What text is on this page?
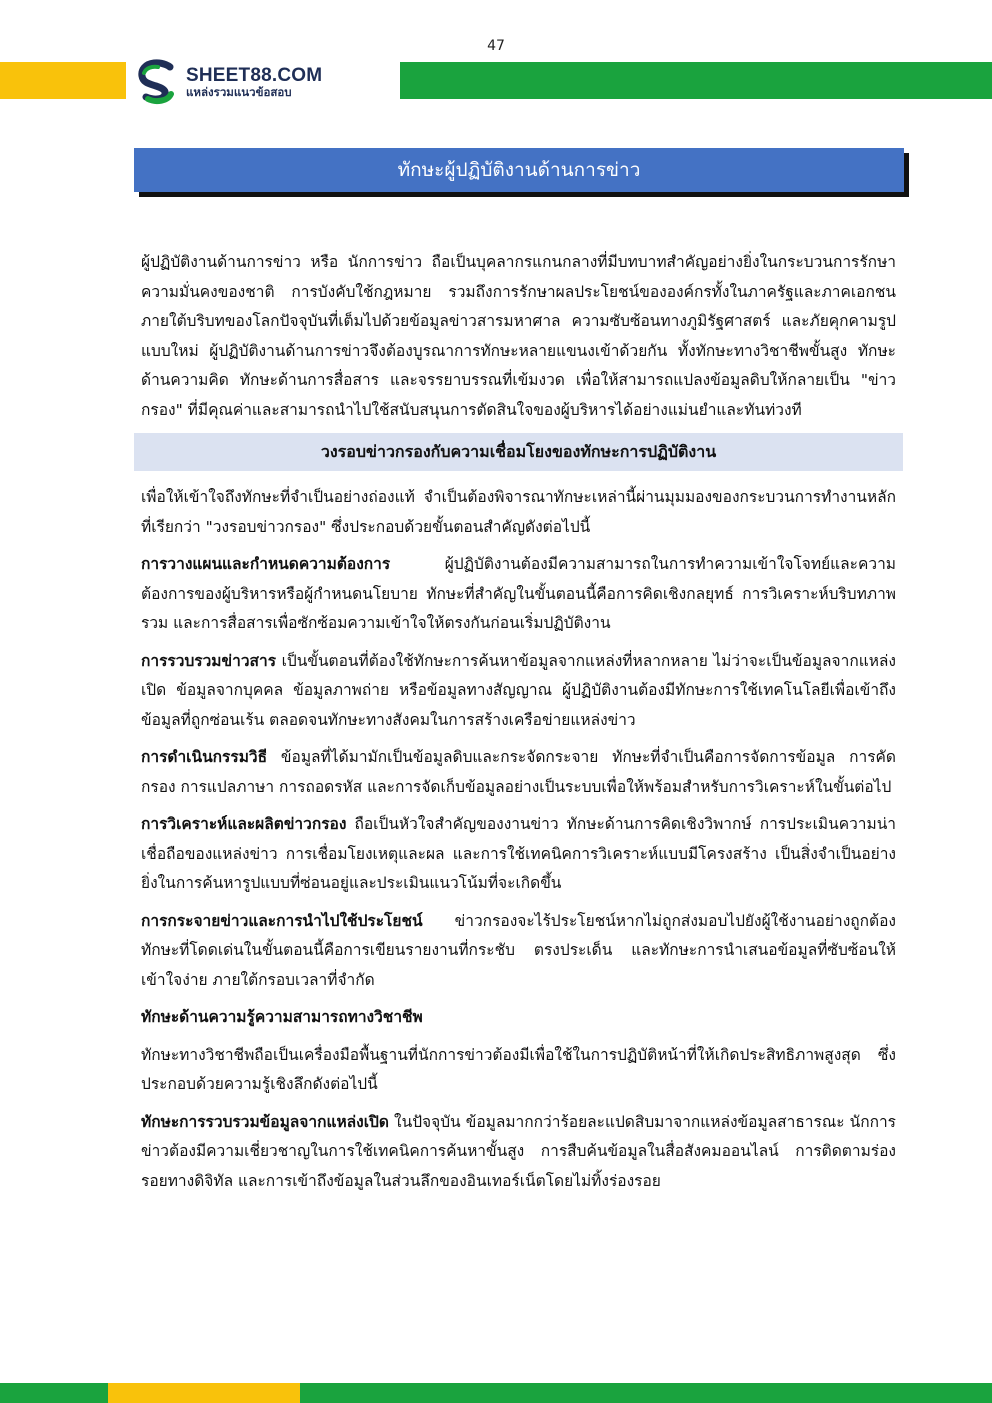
47
SHEET88.COM
แหล่งรวมแนวข้อสอบ
ทักษะผู้ปฏิบัติงานด้านการข่าว

ผู้ปฏิบัติงานด้านการข่าว หรือ นักการข่าว ถือเป็นบุคลากรแกนกลางที่มีบทบาทสำคัญอย่างยิ่งในกระบวนการรักษาความมั่นคงของชาติ การบังคับใช้กฎหมาย รวมถึงการรักษาผลประโยชน์ขององค์กรทั้งในภาครัฐและภาคเอกชน ภายใต้บริบทของโลกปัจจุบันที่เต็มไปด้วยข้อมูลข่าวสารมหาศาล ความซับซ้อนทางภูมิรัฐศาสตร์ และภัยคุกคามรูปแบบใหม่ ผู้ปฏิบัติงานด้านการข่าวจึงต้องบูรณาการทักษะหลายแขนงเข้าด้วยกัน ทั้งทักษะทางวิชาชีพขั้นสูง ทักษะด้านความคิด ทักษะด้านการสื่อสาร และจรรยาบรรณที่เข้มงวด เพื่อให้สามารถแปลงข้อมูลดิบให้กลายเป็น "ข่าวกรอง" ที่มีคุณค่าและสามารถนำไปใช้สนับสนุนการตัดสินใจของผู้บริหารได้อย่างแม่นยำและทันท่วงที

วงรอบข่าวกรองกับความเชื่อมโยงของทักษะการปฏิบัติงาน

เพื่อให้เข้าใจถึงทักษะที่จำเป็นอย่างถ่องแท้ จำเป็นต้องพิจารณาทักษะเหล่านี้ผ่านมุมมองของกระบวนการทำงานหลักที่เรียกว่า "วงรอบข่าวกรอง" ซึ่งประกอบด้วยขั้นตอนสำคัญดังต่อไปนี้

การวางแผนและกำหนดความต้องการ ผู้ปฏิบัติงานต้องมีความสามารถในการทำความเข้าใจโจทย์และความต้องการของผู้บริหารหรือผู้กำหนดนโยบาย ทักษะที่สำคัญในขั้นตอนนี้คือการคิดเชิงกลยุทธ์ การวิเคราะห์บริบทภาพรวม และการสื่อสารเพื่อซักซ้อมความเข้าใจให้ตรงกันก่อนเริ่มปฏิบัติงาน

การรวบรวมข่าวสาร เป็นขั้นตอนที่ต้องใช้ทักษะการค้นหาข้อมูลจากแหล่งที่หลากหลาย ไม่ว่าจะเป็นข้อมูลจากแหล่งเปิด ข้อมูลจากบุคคล ข้อมูลภาพถ่าย หรือข้อมูลทางสัญญาณ ผู้ปฏิบัติงานต้องมีทักษะการใช้เทคโนโลยีเพื่อเข้าถึงข้อมูลที่ถูกซ่อนเร้น ตลอดจนทักษะทางสังคมในการสร้างเครือข่ายแหล่งข่าว

การดำเนินกรรมวิธี ข้อมูลที่ได้มามักเป็นข้อมูลดิบและกระจัดกระจาย ทักษะที่จำเป็นคือการจัดการข้อมูล การคัดกรอง การแปลภาษา การถอดรหัส และการจัดเก็บข้อมูลอย่างเป็นระบบเพื่อให้พร้อมสำหรับการวิเคราะห์ในขั้นต่อไป

การวิเคราะห์และผลิตข่าวกรอง ถือเป็นหัวใจสำคัญของงานข่าว ทักษะด้านการคิดเชิงวิพากษ์ การประเมินความน่าเชื่อถือของแหล่งข่าว การเชื่อมโยงเหตุและผล และการใช้เทคนิคการวิเคราะห์แบบมีโครงสร้าง เป็นสิ่งจำเป็นอย่างยิ่งในการค้นหารูปแบบที่ซ่อนอยู่และประเมินแนวโน้มที่จะเกิดขึ้น

การกระจายข่าวและการนำไปใช้ประโยชน์ ข่าวกรองจะไร้ประโยชน์หากไม่ถูกส่งมอบไปยังผู้ใช้งานอย่างถูกต้อง ทักษะที่โดดเด่นในขั้นตอนนี้คือการเขียนรายงานที่กระชับ ตรงประเด็น และทักษะการนำเสนอข้อมูลที่ซับซ้อนให้เข้าใจง่าย ภายใต้กรอบเวลาที่จำกัด

ทักษะด้านความรู้ความสามารถทางวิชาชีพ

ทักษะทางวิชาชีพถือเป็นเครื่องมือพื้นฐานที่นักการข่าวต้องมีเพื่อใช้ในการปฏิบัติหน้าที่ให้เกิดประสิทธิภาพสูงสุด ซึ่งประกอบด้วยความรู้เชิงลึกดังต่อไปนี้

ทักษะการรวบรวมข้อมูลจากแหล่งเปิด ในปัจจุบัน ข้อมูลมากกว่าร้อยละแปดสิบมาจากแหล่งข้อมูลสาธารณะ นักการข่าวต้องมีความเชี่ยวชาญในการใช้เทคนิคการค้นหาขั้นสูง การสืบค้นข้อมูลในสื่อสังคมออนไลน์ การติดตามร่องรอยทางดิจิทัล และการเข้าถึงข้อมูลในส่วนลึกของอินเทอร์เน็ตโดยไม่ทิ้งร่องรอย
